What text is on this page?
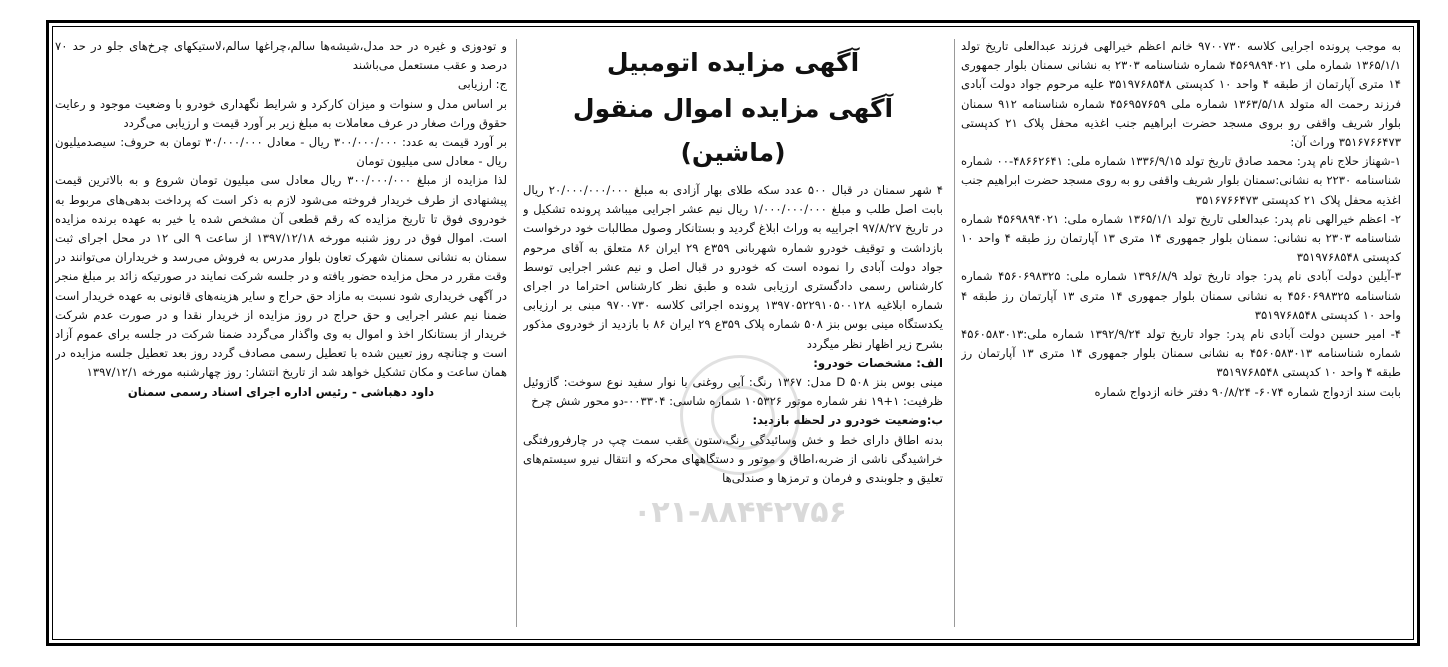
به موجب پرونده اجرایی کلاسه ۹۷۰۰۷۳۰ خانم اعظم خیرالهی فرزند عبدالعلی تاریخ تولد ۱۳۶۵/۱/۱ شماره ملی ۴۵۶۹۸۹۴۰۲۱ شماره شناسنامه ۲۳۰۳ به نشانی سمنان بلوار جمهوری ۱۴ متری آپارتمان از طبقه ۴ واحد ۱۰ کدپستی ۳۵۱۹۷۶۸۵۴۸ علیه مرحوم جواد دولت آبادی فرزند رحمت اله متولد ۱۳۶۳/۵/۱۸ شماره ملی ۴۵۶۹۵۷۶۵۹ شماره شناسنامه ۹۱۲ سمنان بلوار شریف واقفی رو بروی مسجد حضرت ابراهیم جنب اغذیه محفل پلاک ۲۱ کدپستی ۳۵۱۶۷۶۶۴۷۳ وراث آن:

۱-شهناز حلاج نام پدر: محمد صادق تاریخ تولد ۱۳۳۶/۹/۱۵ شماره ملی: ۴۸۶۶۲۶۴۱-۰۰ شماره شناسنامه ۲۲۳۰ به نشانی:سمنان بلوار شریف واقفی رو به روی مسجد حضرت ابراهیم جنب اغذیه محفل پلاک ۲۱ کدپستی ۳۵۱۶۷۶۶۴۷۳

۲- اعظم خیرالهی نام پدر: عبدالعلی تاریخ تولد ۱۳۶۵/۱/۱ شماره ملی: ۴۵۶۹۸۹۴۰۲۱ شماره شناسنامه ۲۳۰۳ به نشانی: سمنان بلوار جمهوری ۱۴ متری ۱۳ آپارتمان رز طبقه ۴ واحد ۱۰ کدپستی ۳۵۱۹۷۶۸۵۴۸

۳-آیلین دولت آبادی نام پدر: جواد تاریخ تولد ۱۳۹۶/۸/۹ شماره ملی: ۴۵۶۰۶۹۸۳۲۵ شماره شناسنامه ۴۵۶۰۶۹۸۳۲۵ به نشانی سمنان بلوار جمهوری ۱۴ متری ۱۳ آپارتمان رز طبقه ۴ واحد ۱۰ کدپستی ۳۵۱۹۷۶۸۵۴۸

۴- امیر حسین دولت آبادی نام پدر: جواد تاریخ تولد ۱۳۹۲/۹/۲۴ شماره ملی:۴۵۶۰۵۸۳۰۱۳ شماره شناسنامه ۴۵۶۰۵۸۳۰۱۳ به نشانی سمنان بلوار جمهوری ۱۴ متری ۱۳ آپارتمان رز طبقه ۴ واحد ۱۰ کدپستی ۳۵۱۹۷۶۸۵۴۸

بابت سند ازدواج شماره ۶۰۷۴- ۹۰/۸/۲۴ دفتر خانه ازدواج شماره

آگهی مزایده اتومبیل
آگهی مزایده اموال منقول (ماشین)

۴ شهر سمنان در قبال ۵۰۰ عدد سکه طلای بهار آزادی به مبلغ ۲۰/۰۰۰/۰۰۰/۰۰۰ ریال بابت اصل طلب و مبلغ ۱/۰۰۰/۰۰۰/۰۰۰ ریال نیم عشر اجرایی میباشد پرونده تشکیل و در تاریخ ۹۷/۸/۲۷ اجراییه به وراث ابلاغ گردید و بستانکار وصول مطالبات خود درخواست بازداشت و توقیف خودرو شماره شهربانی ۳۵۹ع ۲۹ ایران ۸۶ متعلق به آقای مرحوم جواد دولت آبادی را نموده است که خودرو در قبال اصل و نیم عشر اجرایی توسط کارشناس رسمی دادگستری ارزیابی شده و طبق نظر کارشناس احتراما در اجرای شماره ابلاغیه ۱۳۹۷۰۵۲۲۹۱۰۵۰۰۱۲۸ پرونده اجرائی کلاسه ۹۷۰۰۷۳۰ مبنی بر ارزیابی یکدستگاه مینی بوس بنز ۵۰۸ شماره پلاک ۳۵۹ع ۲۹ ایران ۸۶ با بازدید از خودروی مذکور بشرح زیر اظهار نظر میگردد

الف: مشخصات خودرو:

مینی بوس بنز D ۵۰۸ مدل: ۱۳۶۷ رنگ: آبی روغنی با نوار سفید نوع سوخت: گازوئیل ظرفیت: ۱+۱۹ نفر شماره موتور ۱۰۵۳۲۶ شماره شاسی: ۰۰۳۳۰۴-دو محور شش چرخ

ب:وضعیت خودرو در لحظه بازدید:

بدنه اطاق دارای خط و خش وسائیدگی رنگ،ستون عقب سمت چپ در چارفرورفتگی خراشیدگی ناشی از ضربه،اطاق و موتور و دستگاههای محرکه و انتقال نیرو سیستم‌های تعلیق و جلوبندی و فرمان و ترمزها و صندلی‌ها

و تودوزی و غیره در حد مدل،شیشه‌ها سالم،چراغها سالم،لاستیکهای چرخ‌های جلو در حد ۷۰ درصد و عقب مستعمل می‌باشند

ج: ارزیابی

بر اساس مدل و سنوات و میزان کارکرد و شرایط نگهداری خودرو با وضعیت موجود و رعایت حقوق وراث صغار در عرف معاملات به مبلغ زیر بر آورد قیمت و ارزیابی می‌گردد

بر آورد قیمت به عدد: ۳۰۰/۰۰۰/۰۰۰ ریال - معادل ۳۰/۰۰۰/۰۰۰ تومان به حروف: سیصدمیلیون ریال - معادل سی میلیون تومان

لذا مزایده از مبلغ ۳۰۰/۰۰۰/۰۰۰ ریال معادل سی میلیون تومان شروع و به بالاترین قیمت پیشنهادی از طرف خریدار فروخته می‌شود لازم به ذکر است که پرداخت بدهی‌های مربوط به خودروی فوق تا تاریخ مزایده که رقم قطعی آن مشخص شده یا خیر به عهده برنده مزایده است. اموال فوق در روز شنبه مورخه ۱۳۹۷/۱۲/۱۸ از ساعت ۹ الی ۱۲ در محل اجرای ثبت سمنان به نشانی سمنان شهرک تعاون بلوار مدرس به فروش می‌رسد و خریداران می‌توانند در وقت مقرر در محل مزایده حضور یافته و در جلسه شرکت نمایند در صورتیکه زائد بر مبلغ منجر در آگهی خریداری شود نسبت به مازاد حق حراج و سایر هزینه‌های قانونی به عهده خریدار است ضمنا نیم عشر اجرایی و حق حراج در روز مزایده از خریدار نقدا و در صورت عدم شرکت خریدار از بستانکار اخذ و اموال به وی واگذار می‌گردد ضمنا شرکت در جلسه برای عموم آزاد است و چنانچه روز تعیین شده با تعطیل رسمی مصادف گردد روز بعد تعطیل جلسه مزایده در همان ساعت و مکان تشکیل خواهد شد از تاریخ انتشار: روز چهارشنبه مورخه ۱۳۹۷/۱۲/۱

داود دهباشی - رئیس اداره اجرای اسناد رسمی سمنان

۰۲۱-۸۸۴۴۲۷۵۶
